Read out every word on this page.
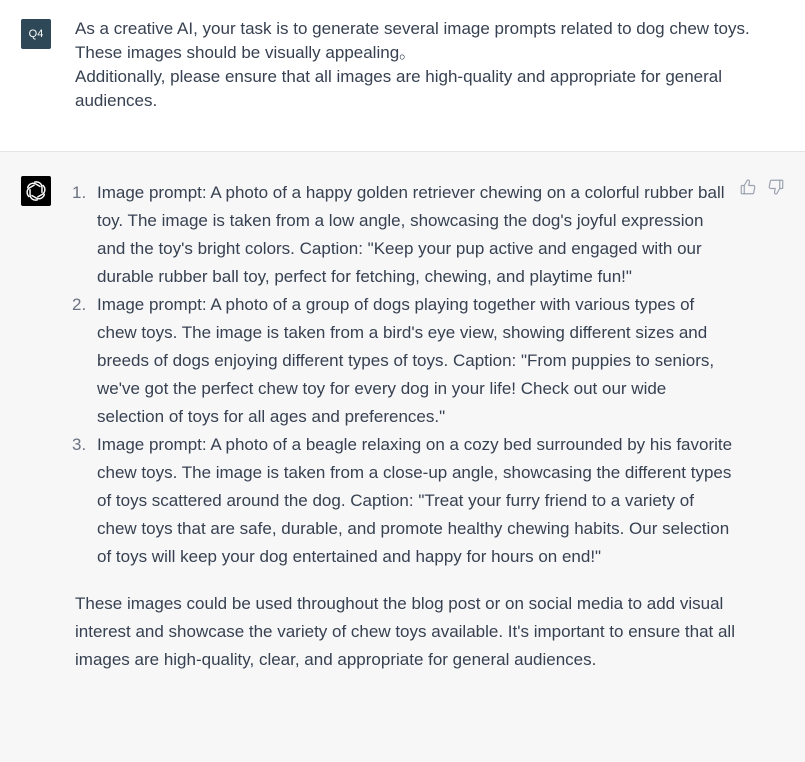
Q4	As a creative AI, your task is to generate several image prompts related to dog chew toys. These images should be visually appealing。

Additionally, please ensure that all images are high-quality and appropriate for general audiences.

1. Image prompt: A photo of a happy golden retriever chewing on a colorful rubber ball toy. The image is taken from a low angle, showcasing the dog's joyful expression and the toy's bright colors. Caption: "Keep your pup active and engaged with our durable rubber ball toy, perfect for fetching, chewing, and playtime fun!"
2. Image prompt: A photo of a group of dogs playing together with various types of chew toys. The image is taken from a bird's eye view, showing different sizes and breeds of dogs enjoying different types of toys. Caption: "From puppies to seniors, we've got the perfect chew toy for every dog in your life! Check out our wide selection of toys for all ages and preferences."
3. Image prompt: A photo of a beagle relaxing on a cozy bed surrounded by his favorite chew toys. The image is taken from a close-up angle, showcasing the different types of toys scattered around the dog. Caption: "Treat your furry friend to a variety of chew toys that are safe, durable, and promote healthy chewing habits. Our selection of toys will keep your dog entertained and happy for hours on end!"

These images could be used throughout the blog post or on social media to add visual interest and showcase the variety of chew toys available. It's important to ensure that all images are high-quality, clear, and appropriate for general audiences.
